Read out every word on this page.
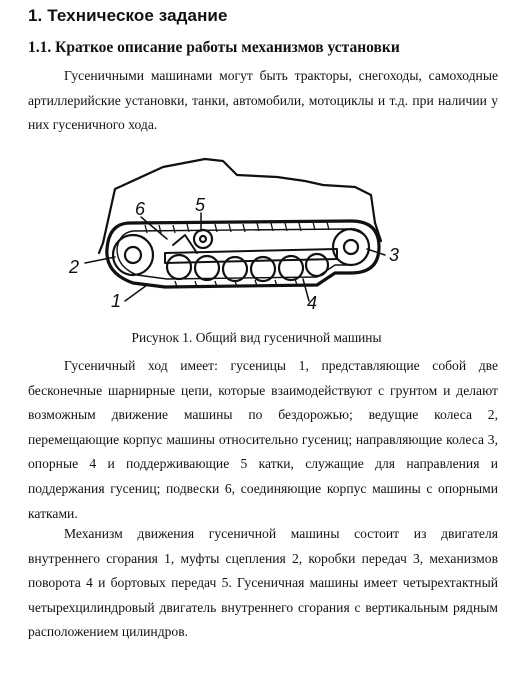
1. Техническое задание
1.1. Краткое описание работы механизмов установки

Гусеничными машинами могут быть тракторы, снегоходы, самоходные артиллерийские установки, танки, автомобили, мотоциклы и т.д. при наличии у них гусеничного хода.

6	5
2
1
3
4
Рисунок 1. Общий вид гусеничной машины

Гусеничный ход имеет: гусеницы 1, представляющие собой две бесконечные шарнирные цепи, которые взаимодействуют с грунтом и делают возможным движение машины по бездорожью; ведущие колеса 2, перемещающие корпус машины относительно гусениц; направляющие колеса 3, опорные 4 и поддерживающие 5 катки, служащие для направления и поддержания гусениц; подвески 6, соединяющие корпус машины с опорными катками.

Механизм движения гусеничной машины состоит из двигателя внутреннего сгорания 1, муфты сцепления 2, коробки передач 3, механизмов поворота 4 и бортовых передач 5. Гусеничная машины имеет четырехтактный четырехцилиндровый двигатель внутреннего сгорания с вертикальным рядным расположением цилиндров.
